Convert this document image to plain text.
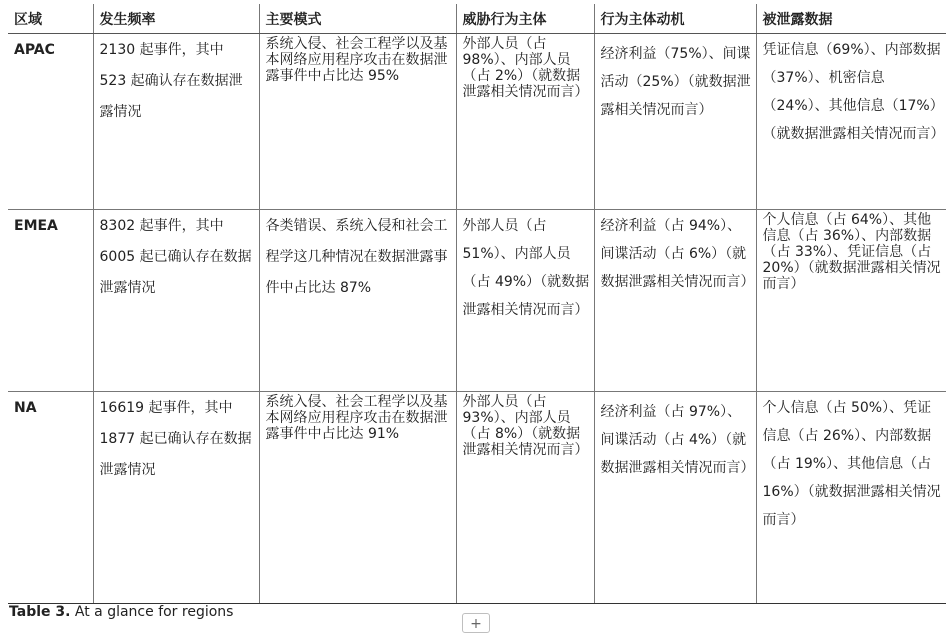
区域	发生频率	主要模式	威胁行为主体	行为主体动机	被泄露数据
APAC	2130 起事件，其中 523 起确认存在数据泄露情况	系统入侵、社会工程学以及基本网络应用程序攻击在数据泄露事件中占比达 95%	外部人员（占 98%）、内部人员（占 2%）（就数据泄露相关情况而言）	经济利益（75%）、间谍活动（25%）（就数据泄露相关情况而言）	凭证信息（69%）、内部数据（37%）、机密信息（24%）、其他信息（17%）（就数据泄露相关情况而言）
EMEA	8302 起事件，其中 6005 起已确认存在数据泄露情况	各类错误、系统入侵和社会工程学这几种情况在数据泄露事件中占比达 87%	外部人员（占 51%）、内部人员（占 49%）（就数据泄露相关情况而言）	经济利益（占 94%）、间谍活动（占 6%）（就数据泄露相关情况而言）	个人信息（占 64%）、其他信息（占 36%）、内部数据（占 33%）、凭证信息（占 20%）（就数据泄露相关情况而言）
NA	16619 起事件，其中 1877 起已确认存在数据泄露情况	系统入侵、社会工程学以及基本网络应用程序攻击在数据泄露事件中占比达 91%	外部人员（占 93%）、内部人员（占 8%）（就数据泄露相关情况而言）	经济利益（占 97%）、间谍活动（占 4%）（就数据泄露相关情况而言）	个人信息（占 50%）、凭证信息（占 26%）、内部数据（占 19%）、其他信息（占 16%）（就数据泄露相关情况而言）
Table 3. At a glance for regions
+
